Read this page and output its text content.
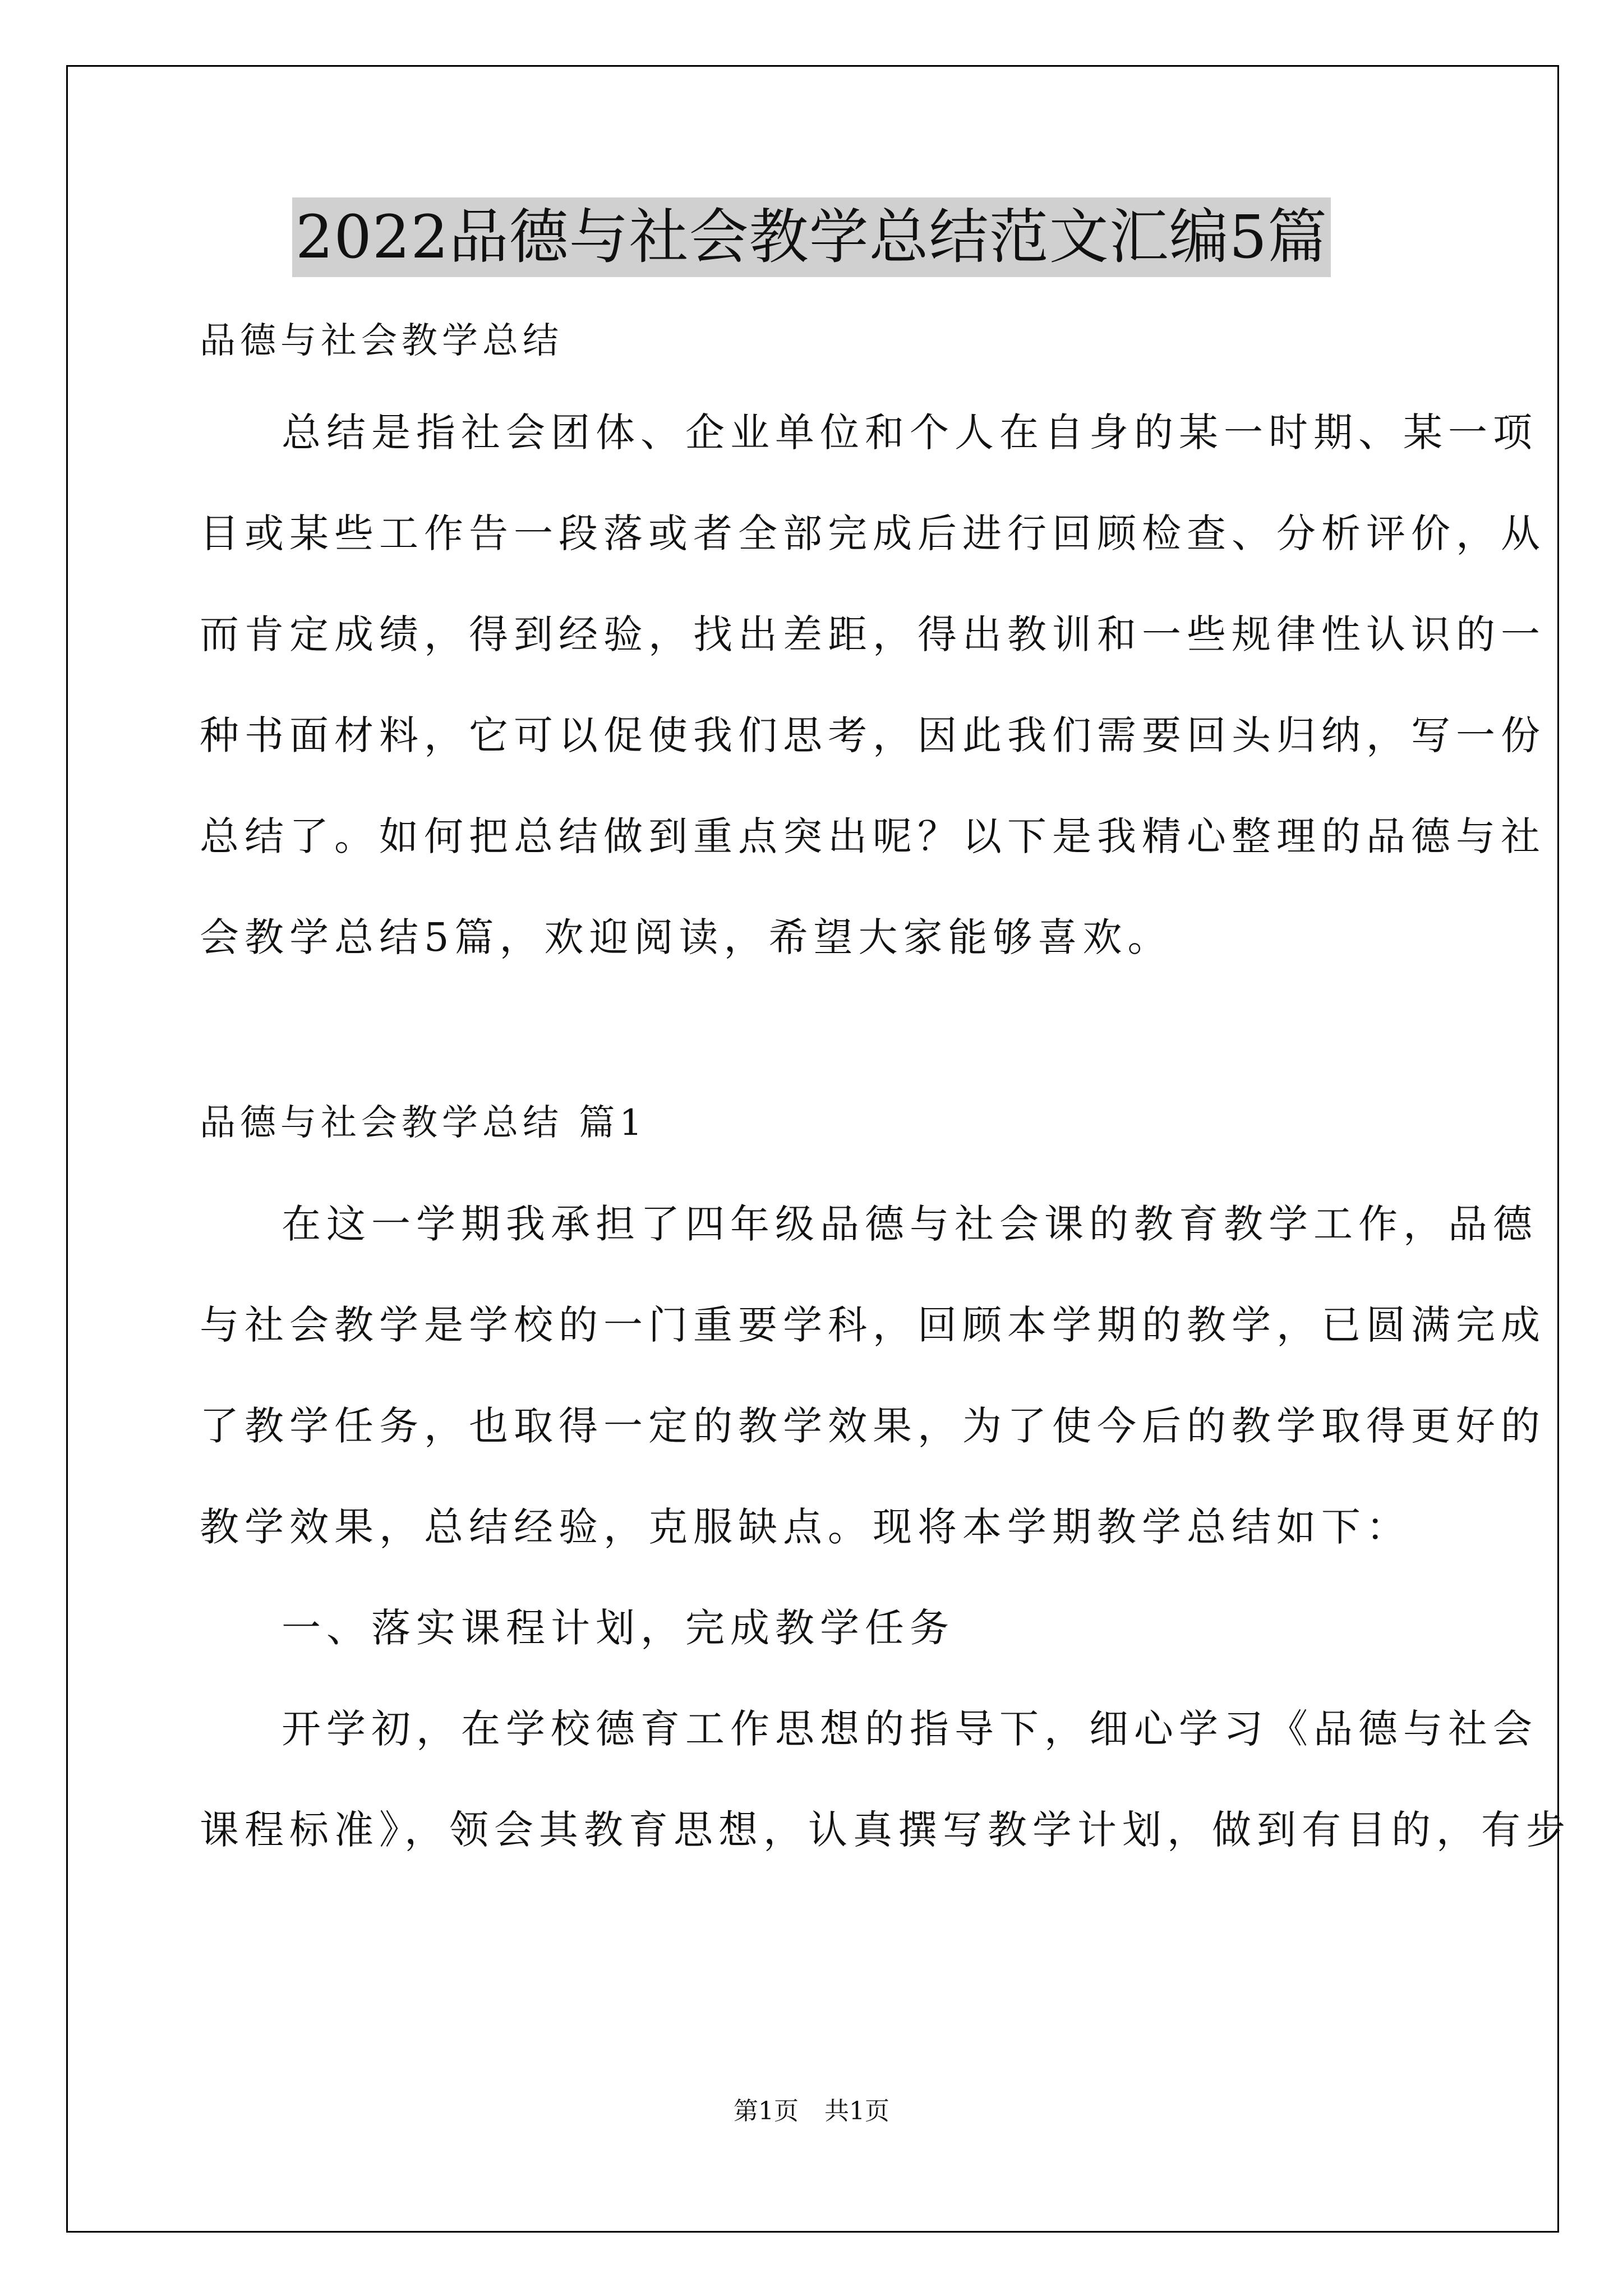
2022品德与社会教学总结范文汇编5篇
品德与社会教学总结
总结是指社会团体、企业单位和个人在自身的某一时期、某一项
目或某些工作告一段落或者全部完成后进行回顾检查、分析评价，从
而肯定成绩，得到经验，找出差距，得出教训和一些规律性认识的一
种书面材料，它可以促使我们思考，因此我们需要回头归纳，写一份
总结了。如何把总结做到重点突出呢？以下是我精心整理的品德与社
会教学总结5篇，欢迎阅读，希望大家能够喜欢。
品德与社会教学总结 篇1
在这一学期我承担了四年级品德与社会课的教育教学工作，品德
与社会教学是学校的一门重要学科，回顾本学期的教学，已圆满完成
了教学任务，也取得一定的教学效果，为了使今后的教学取得更好的
教学效果，总结经验，克服缺点。现将本学期教学总结如下：
一、落实课程计划，完成教学任务
开学初，在学校德育工作思想的指导下，细心学习《品德与社会
课程标准》，领会其教育思想，认真撰写教学计划，做到有目的，有步
第1页 共1页
